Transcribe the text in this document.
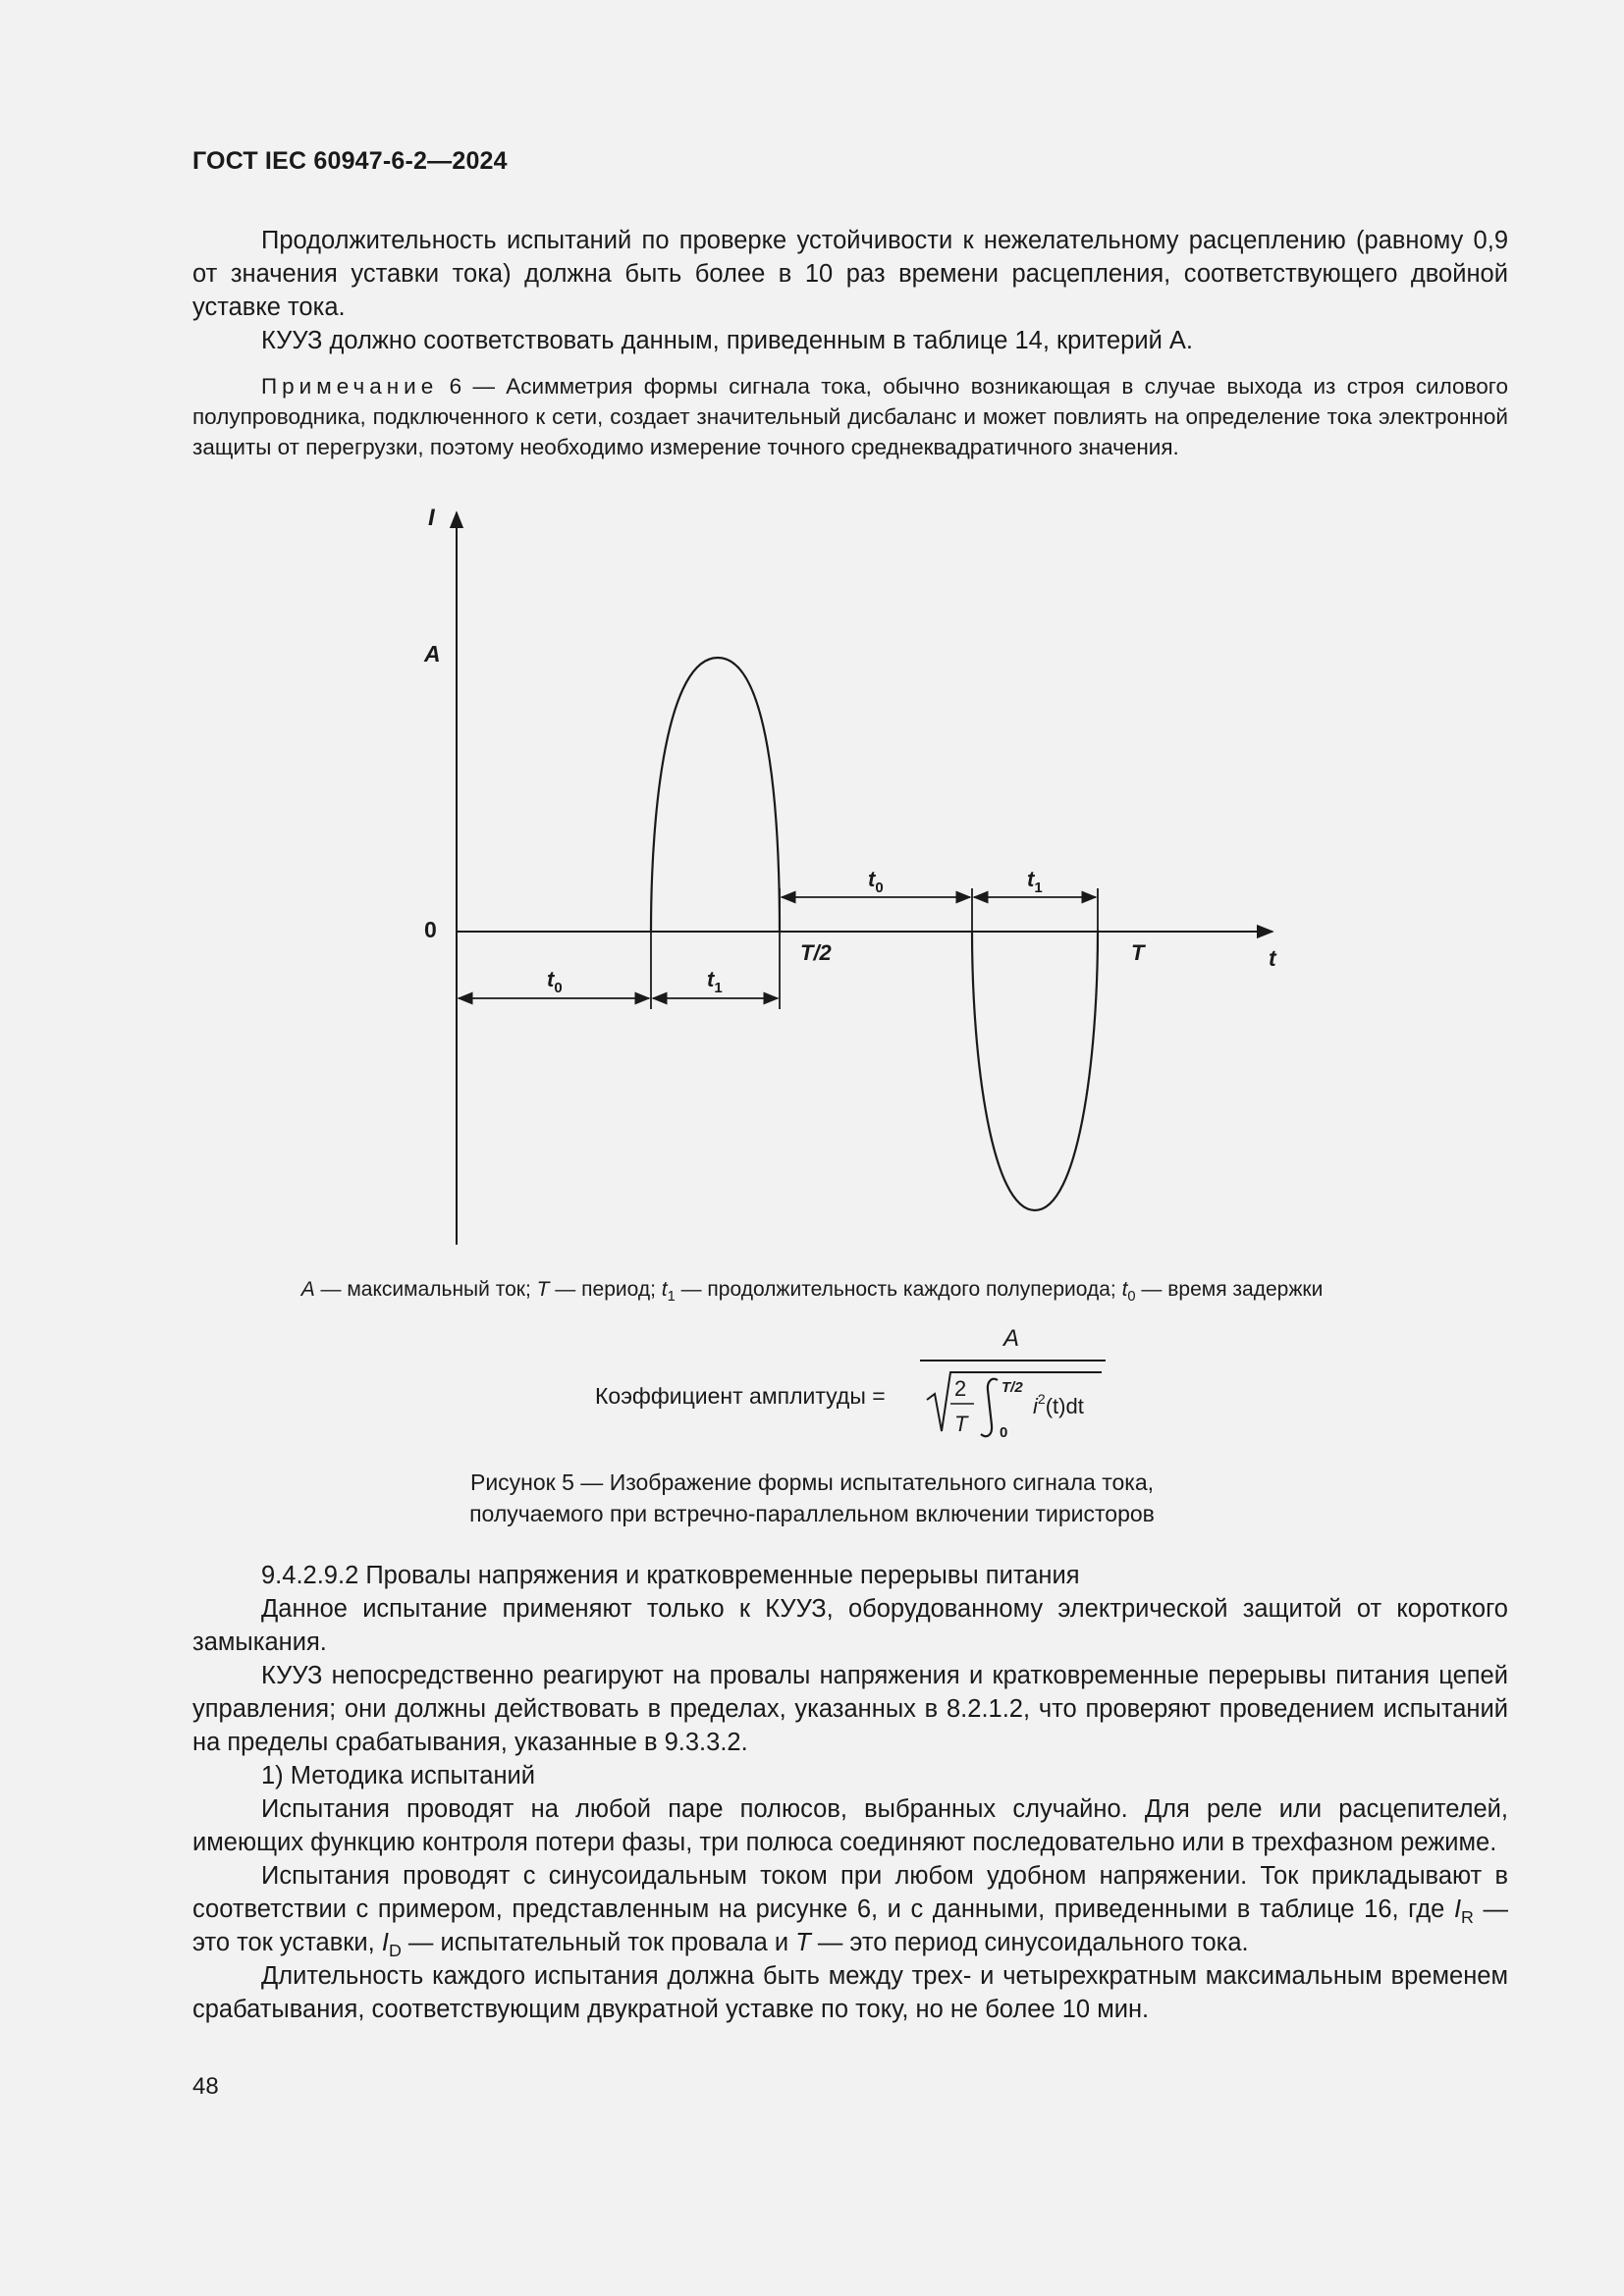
ГОСТ IEC 60947-6-2—2024

Продолжительность испытаний по проверке устойчивости к нежелательному расцеплению (равному 0,9 от значения уставки тока) должна быть более в 10 раз времени расцепления, соответствующего двойной уставке тока.

КУУЗ должно соответствовать данным, приведенным в таблице 14, критерий А.

Примечание 6 — Асимметрия формы сигнала тока, обычно возникающая в случае выхода из строя силового полупроводника, подключенного к сети, создает значительный дисбаланс и может повлиять на определение тока электронной защиты от перегрузки, поэтому необходимо измерение точного среднеквадратичного значения.
I
A
0
T/2	T	t
$t_0$	$t_1$
$t_0$	$t_1$
A
Коэффициент амплитуды =	2
T
T/2
0
$i^2(t)dt$
A — максимальный ток; T — период; $t_1$ — продолжительность каждого полупериода; $t_0$ — время задержки
Рисунок 5 — Изображение формы испытательного сигнала тока,
получаемого при встречно-параллельном включении тиристоров

9.4.2.9.2 Провалы напряжения и кратковременные перерывы питания

Данное испытание применяют только к КУУЗ, оборудованному электрической защитой от короткого замыкания.

КУУЗ непосредственно реагируют на провалы напряжения и кратковременные перерывы питания цепей управления; они должны действовать в пределах, указанных в 8.2.1.2, что проверяют проведением испытаний на пределы срабатывания, указанные в 9.3.3.2.

1) Методика испытаний

Испытания проводят на любой паре полюсов, выбранных случайно. Для реле или расцепителей, имеющих функцию контроля потери фазы, три полюса соединяют последовательно или в трехфазном режиме.

Испытания проводят с синусоидальным током при любом удобном напряжении. Ток прикладывают в соответствии с примером, представленным на рисунке 6, и с данными, приведенными в таблице 16, где $I_R$ — это ток уставки, $I_D$ — испытательный ток провала и T — это период синусоидального тока.

Длительность каждого испытания должна быть между трех- и четырехкратным максимальным временем срабатывания, соответствующим двукратной уставке по току, но не более 10 мин.

48
